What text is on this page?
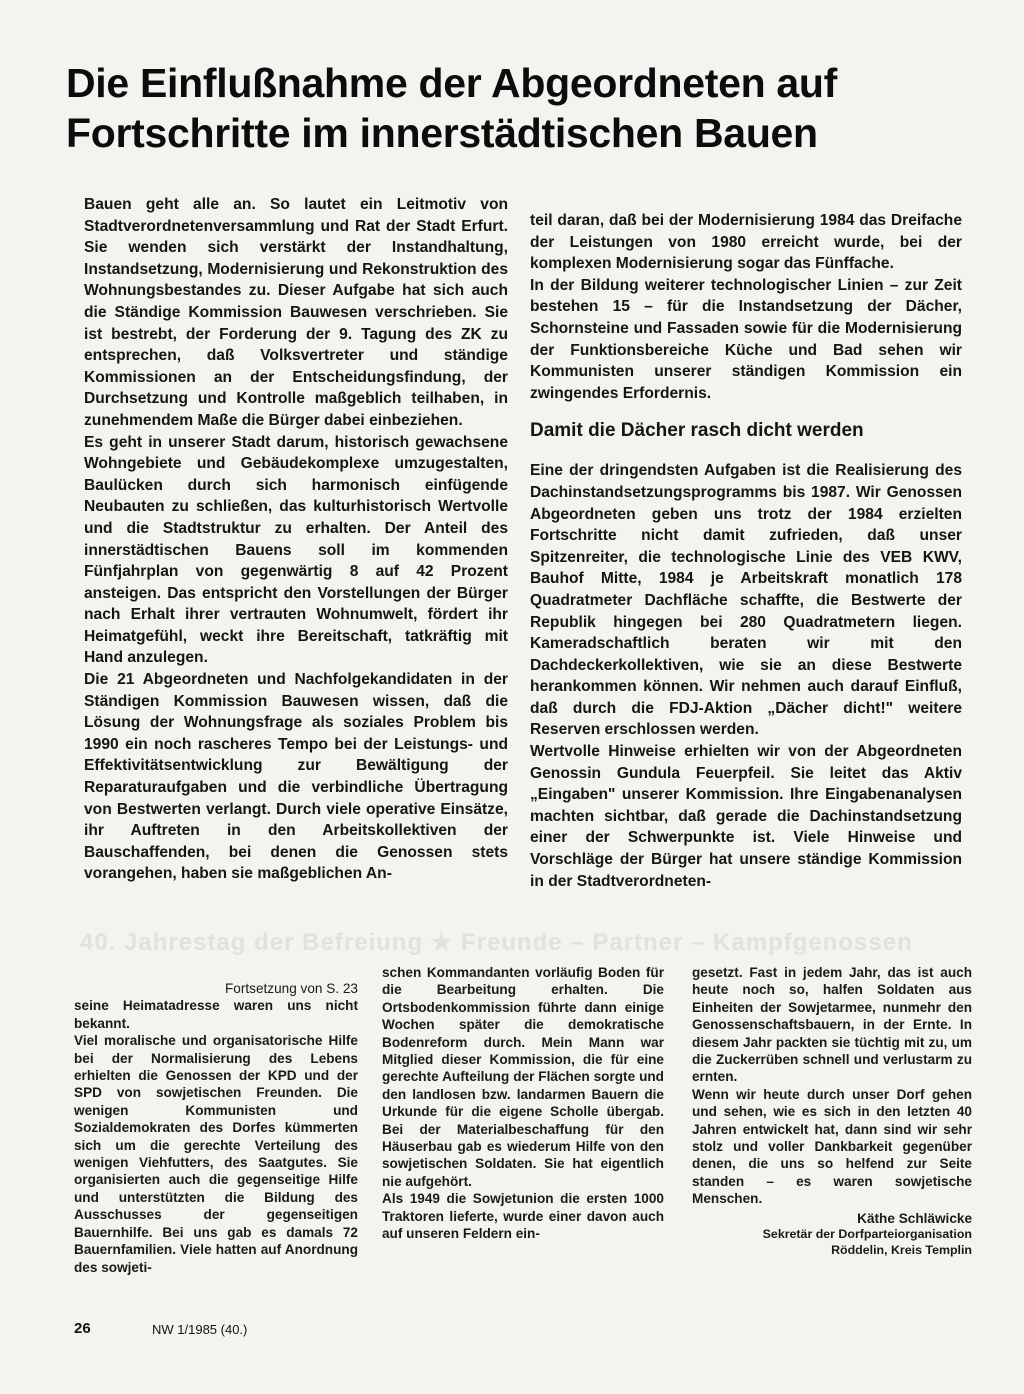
Die Einflußnahme der Abgeordneten auf Fortschritte im innerstädtischen Bauen

Bauen geht alle an. So lautet ein Leitmotiv von Stadtverordnetenversammlung und Rat der Stadt Erfurt. Sie wenden sich verstärkt der Instandhaltung, Instandsetzung, Modernisierung und Rekonstruktion des Wohnungsbestandes zu. Dieser Aufgabe hat sich auch die Ständige Kommission Bauwesen verschrieben. Sie ist bestrebt, der Forderung der 9. Tagung des ZK zu entsprechen, daß Volksvertreter und ständige Kommissionen an der Entscheidungsfindung, der Durchsetzung und Kontrolle maßgeblich teilhaben, in zunehmendem Maße die Bürger dabei einbeziehen.

Es geht in unserer Stadt darum, historisch gewachsene Wohngebiete und Gebäudekomplexe umzugestalten, Baulücken durch sich harmonisch einfügende Neubauten zu schließen, das kulturhistorisch Wertvolle und die Stadtstruktur zu erhalten. Der Anteil des innerstädtischen Bauens soll im kommenden Fünfjahrplan von gegenwärtig 8 auf 42 Prozent ansteigen. Das entspricht den Vorstellungen der Bürger nach Erhalt ihrer vertrauten Wohnumwelt, fördert ihr Heimatgefühl, weckt ihre Bereitschaft, tatkräftig mit Hand anzulegen.

Die 21 Abgeordneten und Nachfolgekandidaten in der Ständigen Kommission Bauwesen wissen, daß die Lösung der Wohnungsfrage als soziales Problem bis 1990 ein noch rascheres Tempo bei der Leistungs- und Effektivitätsentwicklung zur Bewältigung der Reparaturaufgaben und die verbindliche Übertragung von Bestwerten verlangt. Durch viele operative Einsätze, ihr Auftreten in den Arbeitskollektiven der Bauschaffenden, bei denen die Genossen stets vorangehen, haben sie maßgeblichen An-

teil daran, daß bei der Modernisierung 1984 das Dreifache der Leistungen von 1980 erreicht wurde, bei der komplexen Modernisierung sogar das Fünffache.

In der Bildung weiterer technologischer Linien – zur Zeit bestehen 15 – für die Instandsetzung der Dächer, Schornsteine und Fassaden sowie für die Modernisierung der Funktionsbereiche Küche und Bad sehen wir Kommunisten unserer ständigen Kommission ein zwingendes Erfordernis.

Damit die Dächer rasch dicht werden

Eine der dringendsten Aufgaben ist die Realisierung des Dachinstandsetzungsprogramms bis 1987. Wir Genossen Abgeordneten geben uns trotz der 1984 erzielten Fortschritte nicht damit zufrieden, daß unser Spitzenreiter, die technologische Linie des VEB KWV, Bauhof Mitte, 1984 je Arbeitskraft monatlich 178 Quadratmeter Dachfläche schaffte, die Bestwerte der Republik hingegen bei 280 Quadratmetern liegen. Kameradschaftlich beraten wir mit den Dachdeckerkollektiven, wie sie an diese Bestwerte herankommen können. Wir nehmen auch darauf Einfluß, daß durch die FDJ-Aktion „Dächer dicht!" weitere Reserven erschlossen werden.

Wertvolle Hinweise erhielten wir von der Abgeordneten Genossin Gundula Feuerpfeil. Sie leitet das Aktiv „Eingaben" unserer Kommission. Ihre Eingabenanalysen machten sichtbar, daß gerade die Dachinstandsetzung einer der Schwerpunkte ist. Viele Hinweise und Vorschläge der Bürger hat unsere ständige Kommission in der Stadtverordneten-

40. Jahrestag der Befreiung ★ Freunde – Partner – Kampfgenossen

Fortsetzung von S. 23

seine Heimatadresse waren uns nicht bekannt.

Viel moralische und organisatorische Hilfe bei der Normalisierung des Lebens erhielten die Genossen der KPD und der SPD von sowjetischen Freunden. Die wenigen Kommunisten und Sozialdemokraten des Dorfes kümmerten sich um die gerechte Verteilung des wenigen Viehfutters, des Saatgutes. Sie organisierten auch die gegenseitige Hilfe und unterstützten die Bildung des Ausschusses der gegenseitigen Bauernhilfe. Bei uns gab es damals 72 Bauernfamilien. Viele hatten auf Anordnung des sowjeti-

schen Kommandanten vorläufig Boden für die Bearbeitung erhalten. Die Ortsbodenkommission führte dann einige Wochen später die demokratische Bodenreform durch. Mein Mann war Mitglied dieser Kommission, die für eine gerechte Aufteilung der Flächen sorgte und den landlosen bzw. landarmen Bauern die Urkunde für die eigene Scholle übergab. Bei der Materialbeschaffung für den Häuserbau gab es wiederum Hilfe von den sowjetischen Soldaten. Sie hat eigentlich nie aufgehört.

Als 1949 die Sowjetunion die ersten 1000 Traktoren lieferte, wurde einer davon auch auf unseren Feldern ein-

gesetzt. Fast in jedem Jahr, das ist auch heute noch so, halfen Soldaten aus Einheiten der Sowjetarmee, nunmehr den Genossenschaftsbauern, in der Ernte. In diesem Jahr packten sie tüchtig mit zu, um die Zuckerrüben schnell und verlustarm zu ernten.

Wenn wir heute durch unser Dorf gehen und sehen, wie es sich in den letzten 40 Jahren entwickelt hat, dann sind wir sehr stolz und voller Dankbarkeit gegenüber denen, die uns so helfend zur Seite standen – es waren sowjetische Menschen.

Käthe Schläwicke

Sekretär der Dorfparteiorganisation

Röddelin, Kreis Templin

26	NW 1/1985 (40.)
